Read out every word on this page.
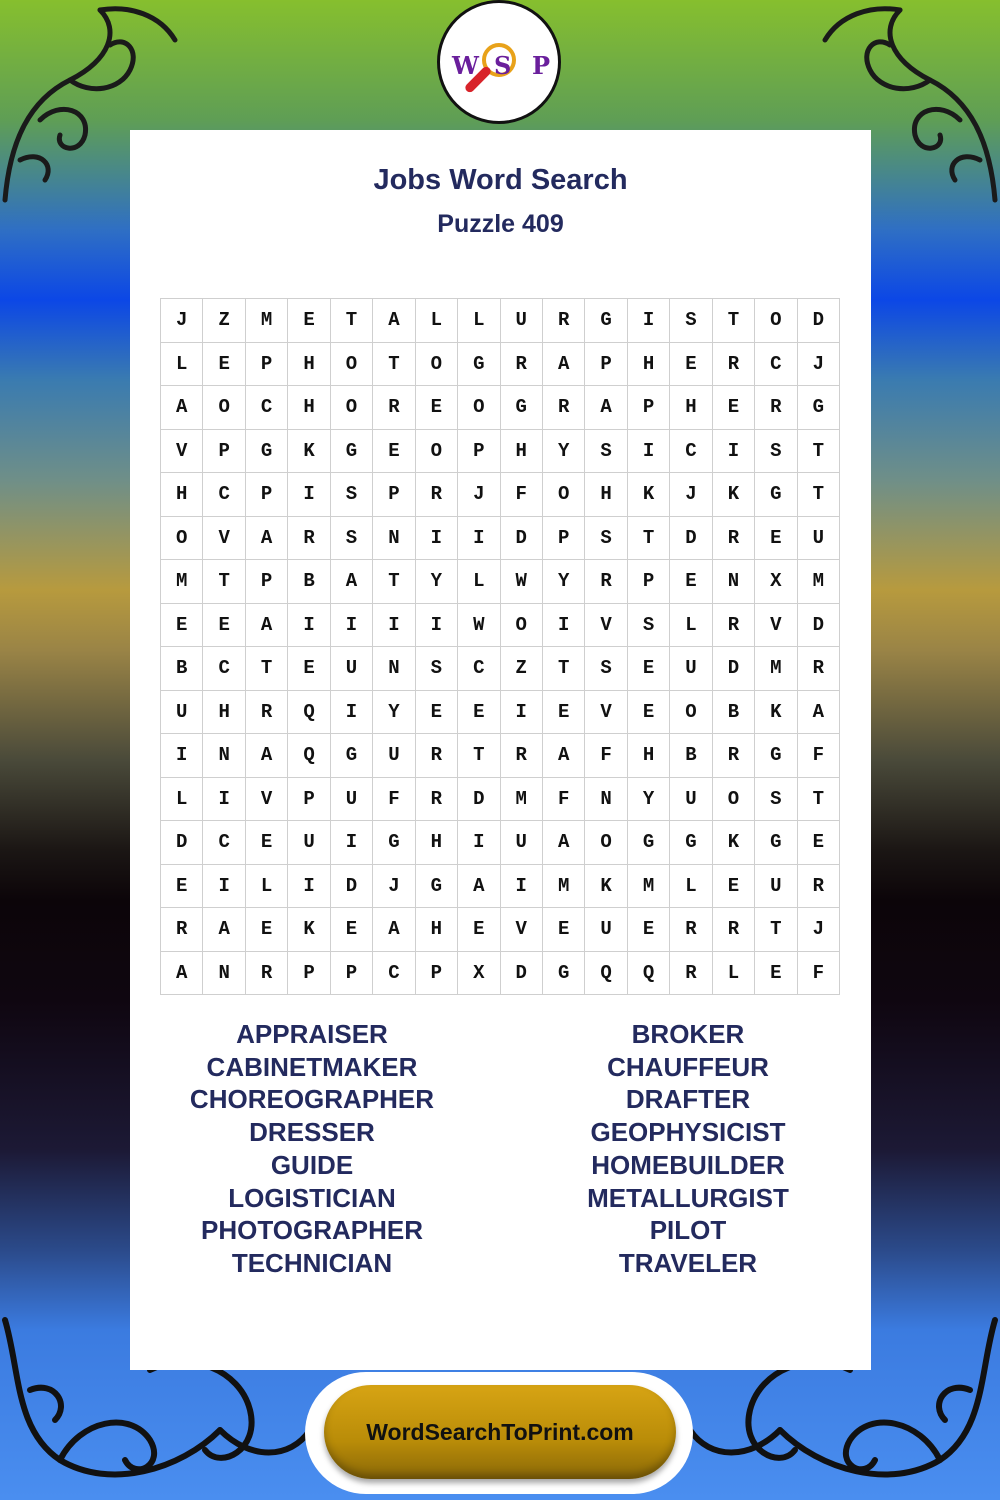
W S P
Jobs Word Search
Puzzle 409
J	Z	M	E	T	A	L	L	U	R	G	I	S	T	O	D
L	E	P	H	O	T	O	G	R	A	P	H	E	R	C	J
A	O	C	H	O	R	E	O	G	R	A	P	H	E	R	G
V	P	G	K	G	E	O	P	H	Y	S	I	C	I	S	T
H	C	P	I	S	P	R	J	F	O	H	K	J	K	G	T
O	V	A	R	S	N	I	I	D	P	S	T	D	R	E	U
M	T	P	B	A	T	Y	L	W	Y	R	P	E	N	X	M
E	E	A	I	I	I	I	W	O	I	V	S	L	R	V	D
B	C	T	E	U	N	S	C	Z	T	S	E	U	D	M	R
U	H	R	Q	I	Y	E	E	I	E	V	E	O	B	K	A
I	N	A	Q	G	U	R	T	R	A	F	H	B	R	G	F
L	I	V	P	U	F	R	D	M	F	N	Y	U	O	S	T
D	C	E	U	I	G	H	I	U	A	O	G	G	K	G	E
E	I	L	I	D	J	G	A	I	M	K	M	L	E	U	R
R	A	E	K	E	A	H	E	V	E	U	E	R	R	T	J
A	N	R	P	P	C	P	X	D	G	Q	Q	R	L	E	F
APPRAISER
CABINETMAKER
CHOREOGRAPHER
DRESSER
GUIDE
LOGISTICIAN
PHOTOGRAPHER
TECHNICIAN
BROKER
CHAUFFEUR
DRAFTER
GEOPHYSICIST
HOMEBUILDER
METALLURGIST
PILOT
TRAVELER
WordSearchToPrint.com
